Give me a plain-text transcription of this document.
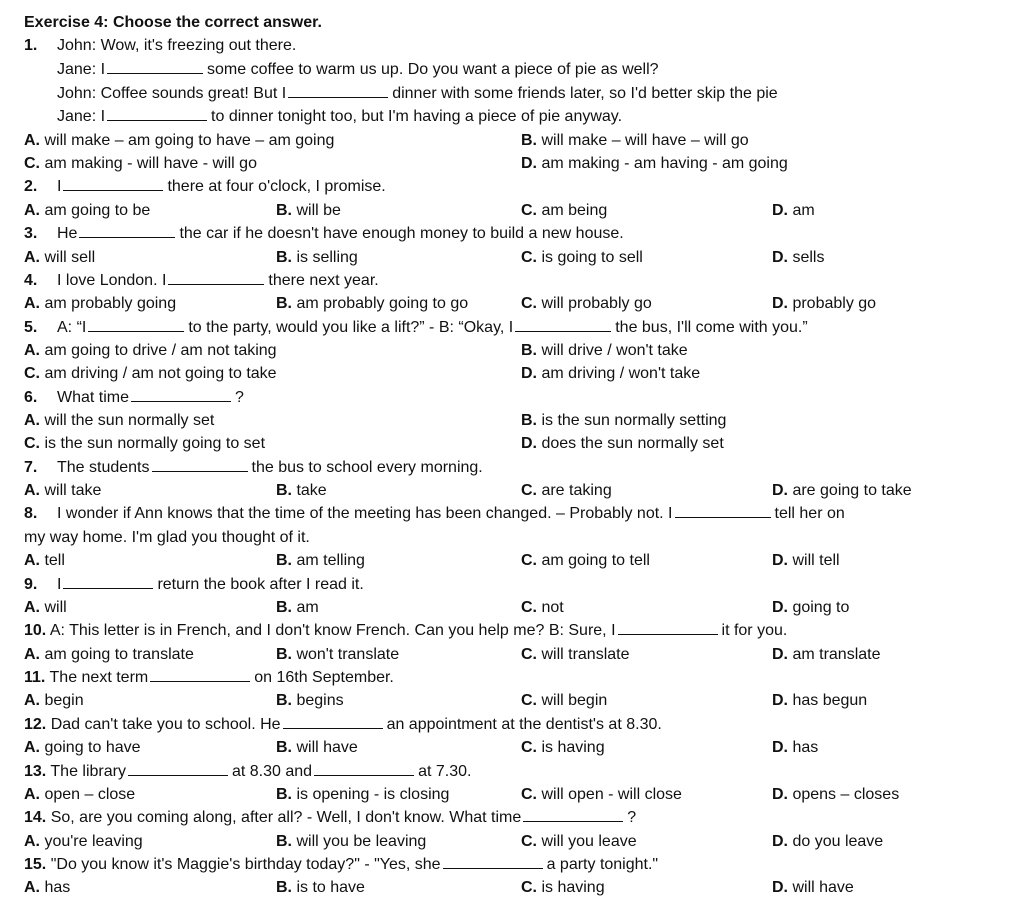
Exercise 4: Choose the correct answer.
1. John: Wow, it's freezing out there.
Jane: I	some coffee to warm us up. Do you want a piece of pie as well?
John: Coffee sounds great! But I	dinner with some friends later, so I'd better skip the pie
Jane: I	to dinner tonight too, but I'm having a piece of pie anyway.
A. will make – am going to have – am going	B. will make – will have – will go
C. am making - will have - will go	D. am making - am having - am going
2. I	there at four o'clock, I promise.
A. am going to be	B. will be	C. am being	D. am
3. He	the car if he doesn't have enough money to build a new house.
A. will sell	B. is selling	C. is going to sell	D. sells
4. I love London. I	there next year.
A. am probably going	B. am probably going to go	C. will probably go	D. probably go
5. A: “I	to the party, would you like a lift?” - B: “Okay, I	the bus, I'll come with you.”
A. am going to drive / am not taking	B. will drive / won't take
C. am driving / am not going to take	D. am driving / won't take
6. What time	?
A. will the sun normally set	B. is the sun normally setting
C. is the sun normally going to set	D. does the sun normally set
7. The students	the bus to school every morning.
A. will take	B. take	C. are taking	D. are going to take
8. I wonder if Ann knows that the time of the meeting has been changed. – Probably not. I	tell her on
my way home. I'm glad you thought of it.
A. tell	B. am telling	C. am going to tell	D. will tell
9. I	return the book after I read it.
A. will	B. am	C. not	D. going to
10. A: This letter is in French, and I don't know French. Can you help me? B: Sure, I	it for you.
A. am going to translate	B. won't translate	C. will translate	D. am translate
11. The next term	on 16th September.
A. begin	B. begins	C. will begin	D. has begun
12. Dad can't take you to school. He	an appointment at the dentist's at 8.30.
A. going to have	B. will have	C. is having	D. has
13. The library	at 8.30 and	at 7.30.
A. open – close	B. is opening - is closing	C. will open - will close	D. opens – closes
14. So, are you coming along, after all? - Well, I don't know. What time	?
A. you're leaving	B. will you be leaving	C. will you leave	D. do you leave
15. "Do you know it's Maggie's birthday today?" - "Yes, she	a party tonight."
A. has	B. is to have	C. is having	D. will have
